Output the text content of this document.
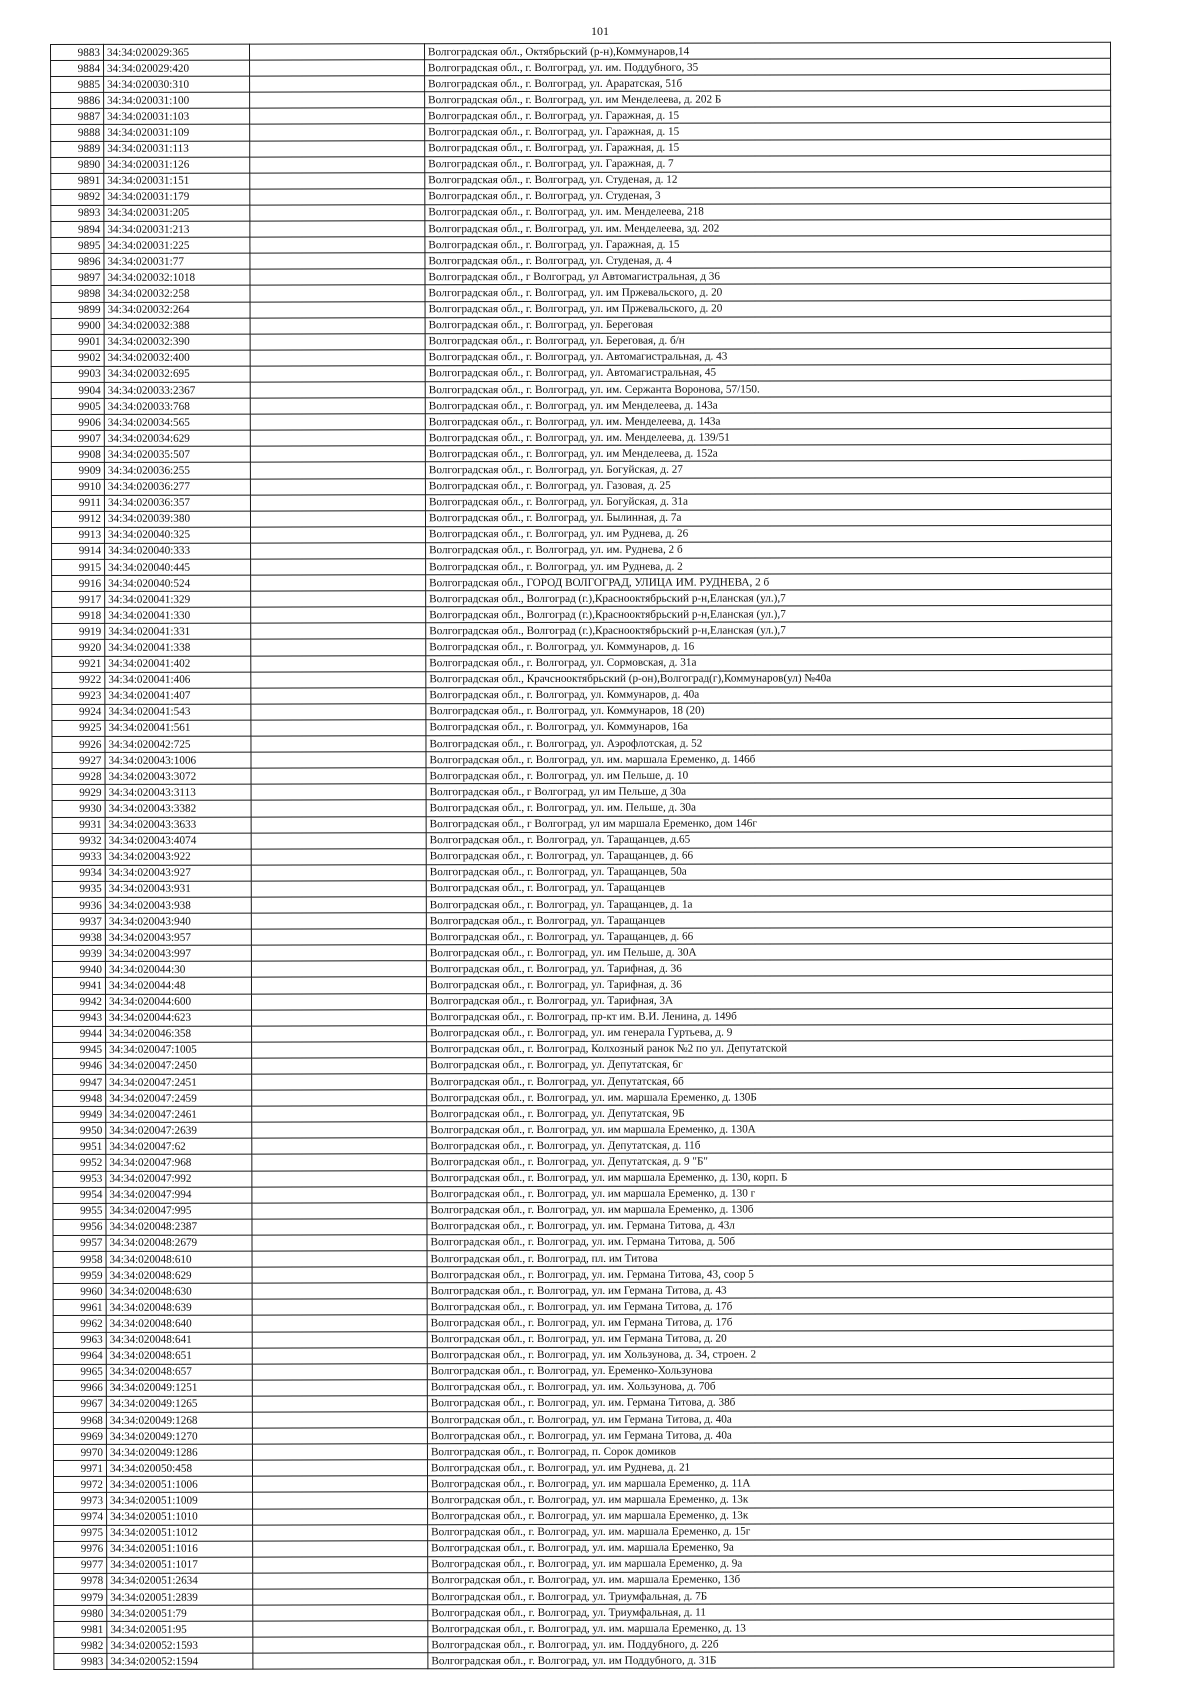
101
9883	34:34:020029:365		Волгоградская обл., Октябрьский (р-н),Коммунаров,14
9884	34:34:020029:420		Волгоградская обл., г. Волгоград, ул. им. Поддубного, 35
9885	34:34:020030:310		Волгоградская обл., г. Волгоград, ул. Араратская, 51б
9886	34:34:020031:100		Волгоградская обл., г. Волгоград, ул. им Менделеева, д. 202 Б
9887	34:34:020031:103		Волгоградская обл., г. Волгоград, ул. Гаражная, д. 15
9888	34:34:020031:109		Волгоградская обл., г. Волгоград, ул. Гаражная, д. 15
9889	34:34:020031:113		Волгоградская обл., г. Волгоград, ул. Гаражная, д. 15
9890	34:34:020031:126		Волгоградская обл., г. Волгоград, ул. Гаражная, д. 7
9891	34:34:020031:151		Волгоградская обл., г. Волгоград, ул. Студеная, д. 12
9892	34:34:020031:179		Волгоградская обл., г. Волгоград, ул. Студеная, 3
9893	34:34:020031:205		Волгоградская обл., г. Волгоград, ул. им. Менделеева, 218
9894	34:34:020031:213		Волгоградская обл., г. Волгоград, ул. им. Менделеева, зд. 202
9895	34:34:020031:225		Волгоградская обл., г. Волгоград, ул. Гаражная, д. 15
9896	34:34:020031:77		Волгоградская обл., г. Волгоград, ул. Студеная, д. 4
9897	34:34:020032:1018		Волгоградская обл., г Волгоград, ул Автомагистральная, д 36
9898	34:34:020032:258		Волгоградская обл., г. Волгоград, ул. им Пржевальского, д. 20
9899	34:34:020032:264		Волгоградская обл., г. Волгоград, ул. им Пржевальского, д. 20
9900	34:34:020032:388		Волгоградская обл., г. Волгоград, ул. Береговая
9901	34:34:020032:390		Волгоградская обл., г. Волгоград, ул. Береговая, д. б/н
9902	34:34:020032:400		Волгоградская обл., г. Волгоград, ул. Автомагистральная, д. 43
9903	34:34:020032:695		Волгоградская обл., г. Волгоград, ул. Автомагистральная, 45
9904	34:34:020033:2367		Волгоградская обл., г. Волгоград, ул. им. Сержанта Воронова, 57/150.
9905	34:34:020033:768		Волгоградская обл., г. Волгоград, ул. им Менделеева, д. 143а
9906	34:34:020034:565		Волгоградская обл., г. Волгоград, ул. им. Менделеева, д. 143а
9907	34:34:020034:629		Волгоградская обл., г. Волгоград, ул. им. Менделеева, д. 139/51
9908	34:34:020035:507		Волгоградская обл., г. Волгоград, ул. им Менделеева, д. 152а
9909	34:34:020036:255		Волгоградская обл., г. Волгоград, ул. Богуйская, д. 27
9910	34:34:020036:277		Волгоградская обл., г. Волгоград, ул. Газовая, д. 25
9911	34:34:020036:357		Волгоградская обл., г. Волгоград, ул. Богуйская, д. 31а
9912	34:34:020039:380		Волгоградская обл., г. Волгоград, ул. Былинная, д. 7а
9913	34:34:020040:325		Волгоградская обл., г. Волгоград, ул. им Руднева, д. 26
9914	34:34:020040:333		Волгоградская обл., г. Волгоград, ул. им. Руднева, 2 б
9915	34:34:020040:445		Волгоградская обл., г. Волгоград, ул. им Руднева, д. 2
9916	34:34:020040:524		Волгоградская обл., ГОРОД ВОЛГОГРАД, УЛИЦА ИМ. РУДНЕВА, 2 б
9917	34:34:020041:329		Волгоградская обл., Волгоград (г.),Краснооктябрьский р-н,Еланская (ул.),7
9918	34:34:020041:330		Волгоградская обл., Волгоград (г.),Краснооктябрьский р-н,Еланская (ул.),7
9919	34:34:020041:331		Волгоградская обл., Волгоград (г.),Краснооктябрьский р-н,Еланская (ул.),7
9920	34:34:020041:338		Волгоградская обл., г. Волгоград, ул. Коммунаров, д. 16
9921	34:34:020041:402		Волгоградская обл., г. Волгоград, ул. Сормовская, д. 31а
9922	34:34:020041:406		Волгоградская обл., Крачсноoктябрьский (р-он),Волгоград(г),Коммунаров(ул) №40а
9923	34:34:020041:407		Волгоградская обл., г. Волгоград, ул. Коммунаров, д. 40а
9924	34:34:020041:543		Волгоградская обл., г. Волгоград, ул. Коммунаров, 18 (20)
9925	34:34:020041:561		Волгоградская обл., г. Волгоград, ул. Коммунаров, 16а
9926	34:34:020042:725		Волгоградская обл., г. Волгоград, ул. Аэрофлотская, д. 52
9927	34:34:020043:1006		Волгоградская обл., г. Волгоград, ул. им. маршала Еременко, д. 146б
9928	34:34:020043:3072		Волгоградская обл., г. Волгоград, ул. им Пельше, д. 10
9929	34:34:020043:3113		Волгоградская обл., г Волгоград, ул им Пельше, д 30а
9930	34:34:020043:3382		Волгоградская обл., г. Волгоград, ул. им. Пельше, д. 30а
9931	34:34:020043:3633		Волгоградская обл., г Волгоград, ул им маршала Еременко, дом 146г
9932	34:34:020043:4074		Волгоградская обл., г. Волгоград, ул. Таращанцев, д.65
9933	34:34:020043:922		Волгоградская обл., г. Волгоград, ул. Таращанцев, д. 66
9934	34:34:020043:927		Волгоградская обл., г. Волгоград, ул. Таращанцев, 50а
9935	34:34:020043:931		Волгоградская обл., г. Волгоград, ул. Таращанцев
9936	34:34:020043:938		Волгоградская обл., г. Волгоград, ул. Таращанцев, д. 1а
9937	34:34:020043:940		Волгоградская обл., г. Волгоград, ул. Таращанцев
9938	34:34:020043:957		Волгоградская обл., г. Волгоград, ул. Таращанцев, д. 66
9939	34:34:020043:997		Волгоградская обл., г. Волгоград, ул. им Пельше, д. 30А
9940	34:34:020044:30		Волгоградская обл., г. Волгоград, ул. Тарифная, д. 36
9941	34:34:020044:48		Волгоградская обл., г. Волгоград, ул. Тарифная, д. 36
9942	34:34:020044:600		Волгоградская обл., г. Волгоград, ул. Тарифная, 3А
9943	34:34:020044:623		Волгоградская обл., г. Волгоград, пр-кт им. В.И. Ленина, д. 149б
9944	34:34:020046:358		Волгоградская обл., г. Волгоград, ул. им генерала Гуртьева, д. 9
9945	34:34:020047:1005		Волгоградская обл., г. Волгоград, Колхозный ранок №2 по ул. Депутатской
9946	34:34:020047:2450		Волгоградская обл., г. Волгоград, ул. Депутатская, 6г
9947	34:34:020047:2451		Волгоградская обл., г. Волгоград, ул. Депутатская, 6б
9948	34:34:020047:2459		Волгоградская обл., г. Волгоград, ул. им. маршала Еременко, д. 130Б
9949	34:34:020047:2461		Волгоградская обл., г. Волгоград, ул. Депутатская, 9Б
9950	34:34:020047:2639		Волгоградская обл., г. Волгоград, ул. им маршала Еременко, д. 130А
9951	34:34:020047:62		Волгоградская обл., г. Волгоград, ул. Депутатская, д. 11б
9952	34:34:020047:968		Волгоградская обл., г. Волгоград, ул. Депутатская, д. 9 "Б"
9953	34:34:020047:992		Волгоградская обл., г. Волгоград, ул. им маршала Еременко, д. 130, корп. Б
9954	34:34:020047:994		Волгоградская обл., г. Волгоград, ул. им маршала Еременко, д. 130 г
9955	34:34:020047:995		Волгоградская обл., г. Волгоград, ул. им маршала Еременко, д. 130б
9956	34:34:020048:2387		Волгоградская обл., г. Волгоград, ул. им. Германа Титова, д. 43л
9957	34:34:020048:2679		Волгоградская обл., г. Волгоград, ул. им. Германа Титова, д. 50б
9958	34:34:020048:610		Волгоградская обл., г. Волгоград, пл. им Титова
9959	34:34:020048:629		Волгоградская обл., г. Волгоград, ул. им. Германа Титова, 43, соор 5
9960	34:34:020048:630		Волгоградская обл., г. Волгоград, ул. им Германа Титова, д. 43
9961	34:34:020048:639		Волгоградская обл., г. Волгоград, ул. им Германа Титова, д. 17б
9962	34:34:020048:640		Волгоградская обл., г. Волгоград, ул. им Германа Титова, д. 17б
9963	34:34:020048:641		Волгоградская обл., г. Волгоград, ул. им Германа Титова, д. 20
9964	34:34:020048:651		Волгоградская обл., г. Волгоград, ул. им Хользунова, д. 34, строен. 2
9965	34:34:020048:657		Волгоградская обл., г. Волгоград, ул. Еременко-Хользунова
9966	34:34:020049:1251		Волгоградская обл., г. Волгоград, ул. им. Хользунова, д. 70б
9967	34:34:020049:1265		Волгоградская обл., г. Волгоград, ул. им. Германа Титова, д. 38б
9968	34:34:020049:1268		Волгоградская обл., г. Волгоград, ул. им Германа Титова, д. 40а
9969	34:34:020049:1270		Волгоградская обл., г. Волгоград, ул. им Германа Титова, д. 40а
9970	34:34:020049:1286		Волгоградская обл., г. Волгоград, п. Сорок домиков
9971	34:34:020050:458		Волгоградская обл., г. Волгоград, ул. им Руднева, д. 21
9972	34:34:020051:1006		Волгоградская обл., г. Волгоград, ул. им маршала Еременко, д. 11А
9973	34:34:020051:1009		Волгоградская обл., г. Волгоград, ул. им маршала Еременко, д. 13к
9974	34:34:020051:1010		Волгоградская обл., г. Волгоград, ул. им маршала Еременко, д. 13к
9975	34:34:020051:1012		Волгоградская обл., г. Волгоград, ул. им. маршала Еременко, д. 15г
9976	34:34:020051:1016		Волгоградская обл., г. Волгоград, ул. им. маршала Еременко, 9а
9977	34:34:020051:1017		Волгоградская обл., г. Волгоград, ул. им маршала Еременко, д. 9а
9978	34:34:020051:2634		Волгоградская обл., г. Волгоград, ул. им. маршала Еременко, 13б
9979	34:34:020051:2839		Волгоградская обл., г. Волгоград, ул. Триумфальная, д. 7Б
9980	34:34:020051:79		Волгоградская обл., г. Волгоград, ул. Триумфальная, д. 11
9981	34:34:020051:95		Волгоградская обл., г. Волгоград, ул. им. маршала Еременко, д. 13
9982	34:34:020052:1593		Волгоградская обл., г. Волгоград, ул. им. Поддубного, д. 22б
9983	34:34:020052:1594		Волгоградская обл., г. Волгоград, ул. им Поддубного, д. 31Б
